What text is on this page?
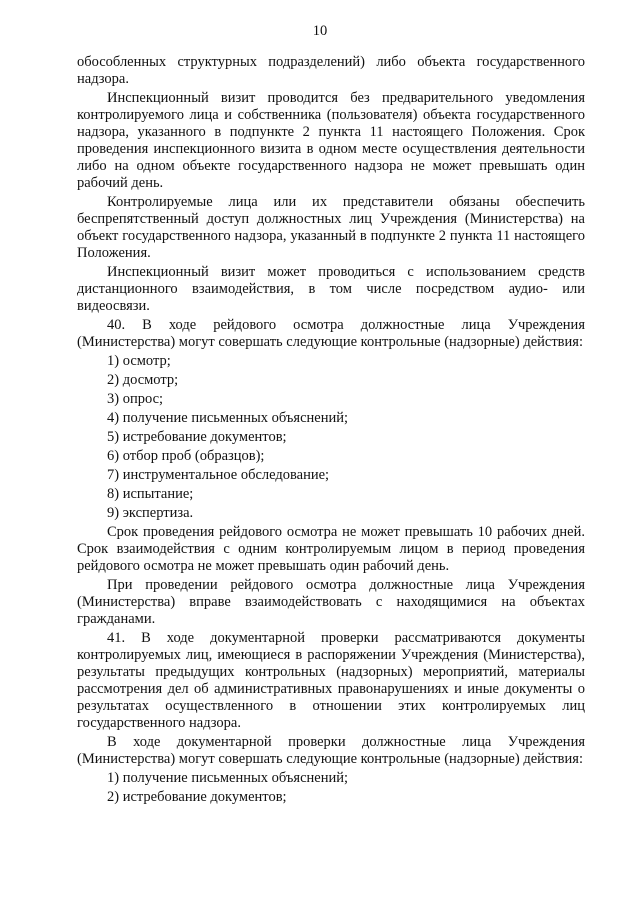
10

обособленных структурных подразделений) либо объекта государственного надзора.

Инспекционный визит проводится без предварительного уведомления контролируемого лица и собственника (пользователя) объекта государственного надзора, указанного в подпункте 2 пункта 11 настоящего Положения. Срок проведения инспекционного визита в одном месте осуществления деятельности либо на одном объекте государственного надзора не может превышать один рабочий день.

Контролируемые лица или их представители обязаны обеспечить беспрепятственный доступ должностных лиц Учреждения (Министерства) на объект государственного надзора, указанный в подпункте 2 пункта 11 настоящего Положения.

Инспекционный визит может проводиться с использованием средств дистанционного взаимодействия, в том числе посредством аудио- или видеосвязи.

40. В ходе рейдового осмотра должностные лица Учреждения (Министерства) могут совершать следующие контрольные (надзорные) действия:

1) осмотр;
2) досмотр;
3) опрос;
4) получение письменных объяснений;
5) истребование документов;
6) отбор проб (образцов);
7) инструментальное обследование;
8) испытание;
9) экспертиза.

Срок проведения рейдового осмотра не может превышать 10 рабочих дней. Срок взаимодействия с одним контролируемым лицом в период проведения рейдового осмотра не может превышать один рабочий день.

При проведении рейдового осмотра должностные лица Учреждения (Министерства) вправе взаимодействовать с находящимися на объектах гражданами.

41. В ходе документарной проверки рассматриваются документы контролируемых лиц, имеющиеся в распоряжении Учреждения (Министерства), результаты предыдущих контрольных (надзорных) мероприятий, материалы рассмотрения дел об административных правонарушениях и иные документы о результатах осуществленного в отношении этих контролируемых лиц государственного надзора.

В ходе документарной проверки должностные лица Учреждения (Министерства) могут совершать следующие контрольные (надзорные) действия:

1) получение письменных объяснений;
2) истребование документов;
